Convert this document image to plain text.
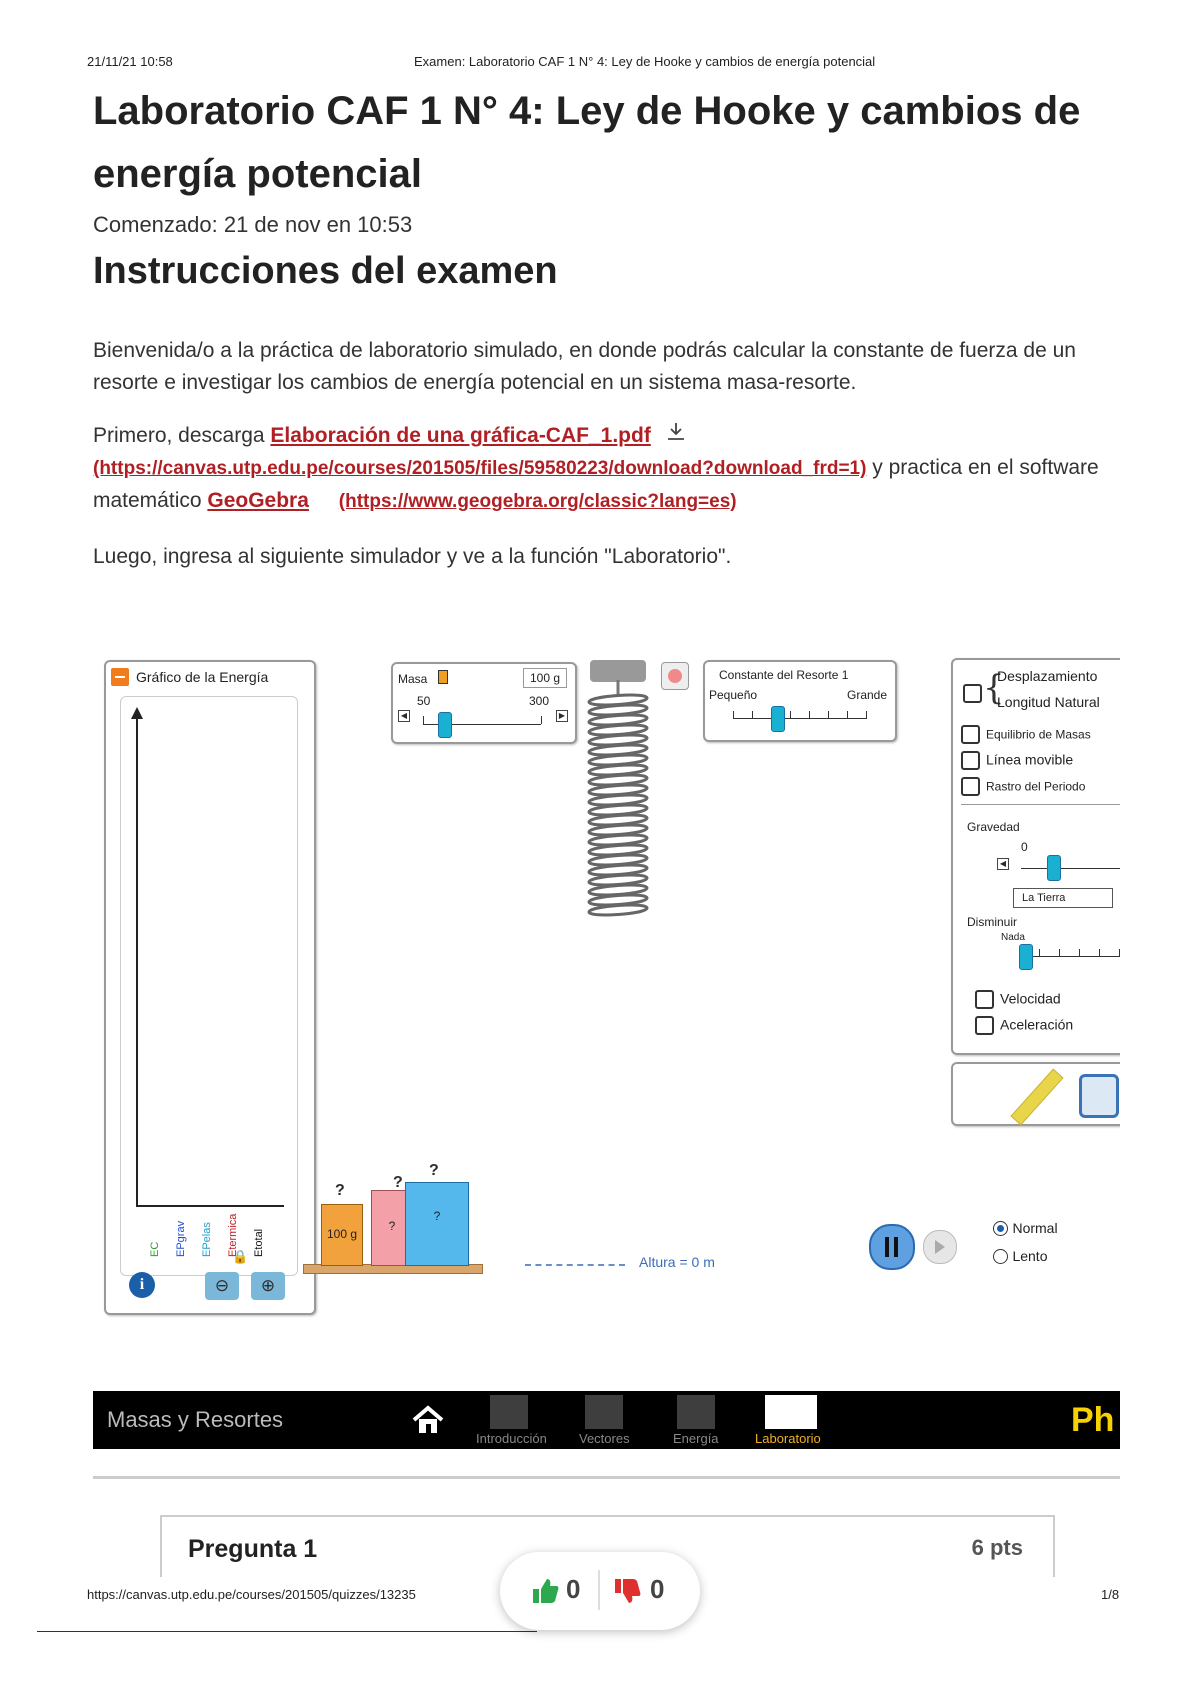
21/11/21 10:58	Examen: Laboratorio CAF 1 N° 4: Ley de Hooke y cambios de energía potencial
Laboratorio CAF 1 N° 4: Ley de Hooke y cambios de energía potencial
Comenzado: 21 de nov en 10:53
Instrucciones del examen
Bienvenida/o a la práctica de laboratorio simulado, en donde podrás calcular la constante de fuerza de un resorte e investigar los cambios de energía potencial en un sistema masa-resorte.
Primero, descarga Elaboración de una gráfica-CAF_1.pdf
(https://canvas.utp.edu.pe/courses/201505/files/59580223/download?download_frd=1) y practica en el software matemático GeoGebra (https://www.geogebra.org/classic?lang=es)
Luego, ingresa al siguiente simulador y ve a la función "Laboratorio".
Gráfico de la Energía
EC EPgrav EPelas Etermica Etotal
🔒
i	⊖	⊕
Masa	100 g
50	300
◀	▶
Constante del Resorte 1
Pequeño	Grande	{
Desplazamiento
Longitud Natural
Equilibrio de Masas
Línea movible
Rastro del Periodo
Gravedad
0
◀
La Tierra
Disminuir
Nada
Velocidad
Aceleración
100 g
?
?
?
?
?
Altura = 0 m
Normal
Lento
Masas y Resortes
Introducción Vectores	Energía	Laboratorio	Ph
Pregunta 1	6 pts
https://canvas.utp.edu.pe/courses/201505/quizzes/13235	1/8
0	0
